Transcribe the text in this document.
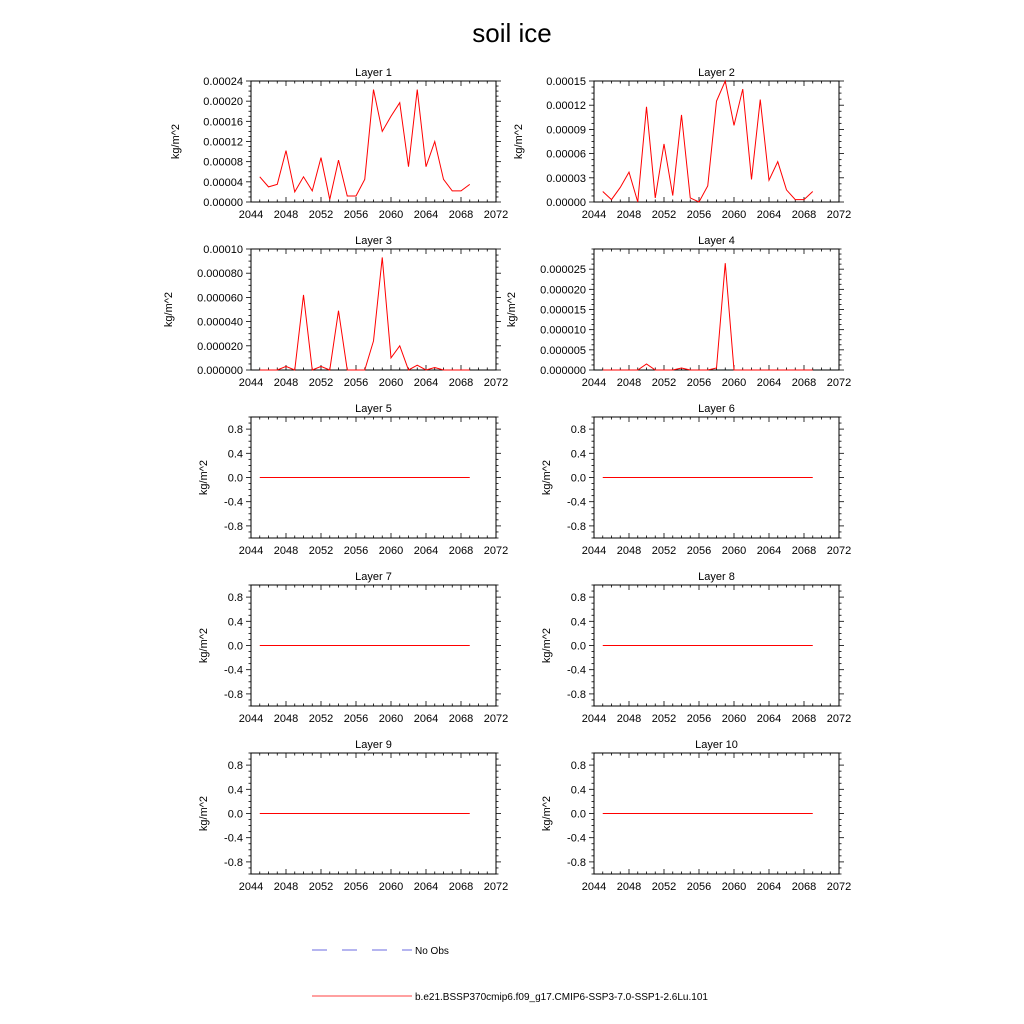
soil ice
Layer 1
kg/m^2
2044 2048 2052 2056 2060 2064 2068 2072
0.00000
0.00004
0.00008
0.00012
0.00016
0.00020
0.00024
Layer 2
kg/m^2
2044 2048 2052 2056 2060 2064 2068 2072
0.00000
0.00003
0.00006
0.00009
0.00012
0.00015
Layer 3
kg/m^2
2044 2048 2052 2056 2060 2064 2068 2072
0.000000
0.000020
0.000040
0.000060
0.000080
0.00010
Layer 4
kg/m^2
2044 2048 2052 2056 2060 2064 2068 2072
0.000000
0.000005
0.000010
0.000015
0.000020
0.000025
Layer 5
kg/m^2
2044 2048 2052 2056 2060 2064 2068 2072
-0.8
-0.4
0.0
0.4
0.8
Layer 6
kg/m^2
2044 2048 2052 2056 2060 2064 2068 2072
-0.8
-0.4
0.0
0.4
0.8
Layer 7
kg/m^2
2044 2048 2052 2056 2060 2064 2068 2072
-0.8
-0.4
0.0
0.4
0.8
Layer 8
kg/m^2
2044 2048 2052 2056 2060 2064 2068 2072
-0.8
-0.4
0.0
0.4
0.8
Layer 9
kg/m^2
2044 2048 2052 2056 2060 2064 2068 2072
-0.8
-0.4
0.0
0.4
0.8
Layer 10
kg/m^2
2044 2048 2052 2056 2060 2064 2068 2072
-0.8
-0.4
0.0
0.4
0.8
No Obs
b.e21.BSSP370cmip6.f09_g17.CMIP6-SSP3-7.0-SSP1-2.6Lu.101
